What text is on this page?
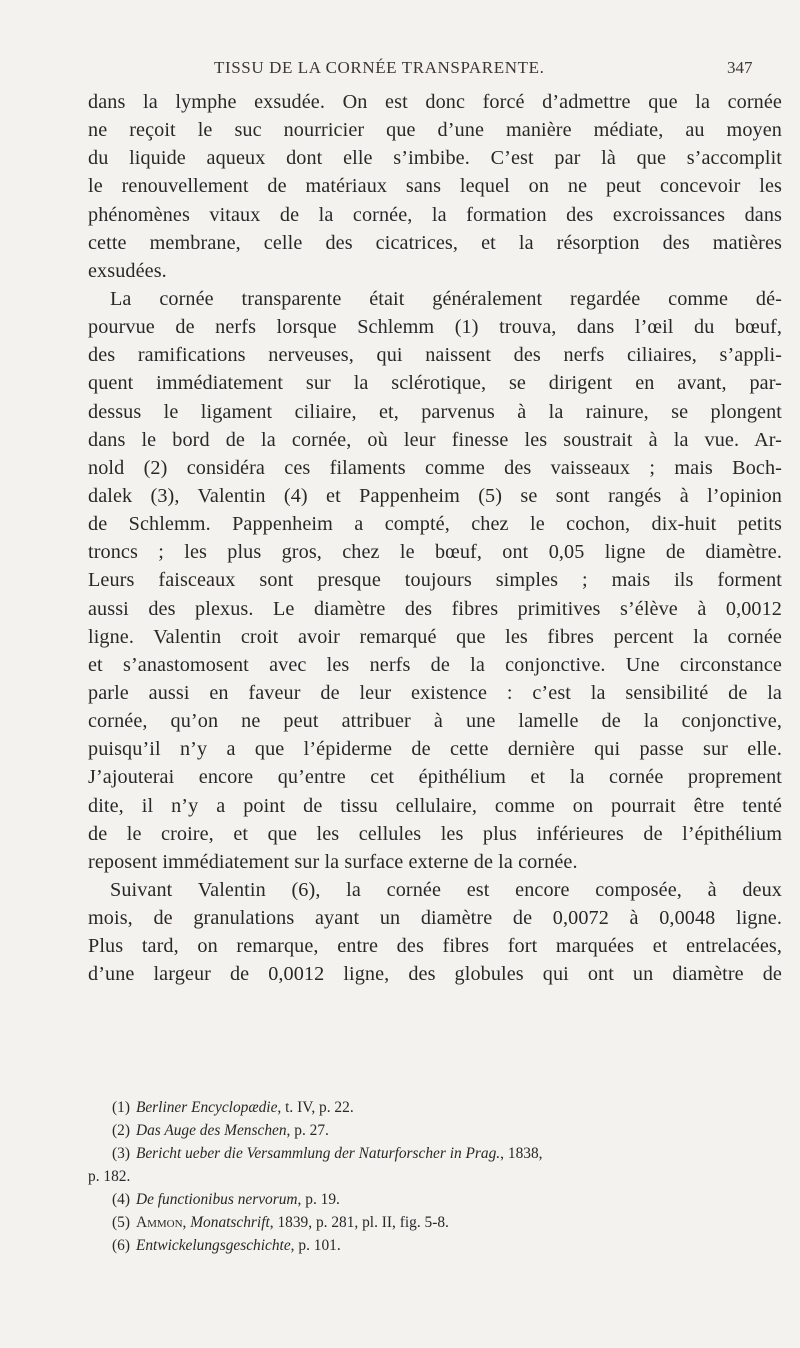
TISSU DE LA CORNÉE TRANSPARENTE.	347
dans la lymphe exsudée. On est donc forcé d’admettre que la cornée
ne reçoit le suc nourricier que d’une manière médiate, au moyen
du liquide aqueux dont elle s’imbibe. C’est par là que s’accomplit
le renouvellement de matériaux sans lequel on ne peut concevoir les
phénomènes vitaux de la cornée, la formation des excroissances dans
cette membrane, celle des cicatrices, et la résorption des matières
exsudées.
La cornée transparente était généralement regardée comme dé-
pourvue de nerfs lorsque Schlemm (1) trouva, dans l’œil du bœuf,
des ramifications nerveuses, qui naissent des nerfs ciliaires, s’appli-
quent immédiatement sur la sclérotique, se dirigent en avant, par-
dessus le ligament ciliaire, et, parvenus à la rainure, se plongent
dans le bord de la cornée, où leur finesse les soustrait à la vue. Ar-
nold (2) considéra ces filaments comme des vaisseaux ; mais Boch-
dalek (3), Valentin (4) et Pappenheim (5) se sont rangés à l’opinion
de Schlemm. Pappenheim a compté, chez le cochon, dix-huit petits
troncs ; les plus gros, chez le bœuf, ont 0,05 ligne de diamètre.
Leurs faisceaux sont presque toujours simples ; mais ils forment
aussi des plexus. Le diamètre des fibres primitives s’élève à 0,0012
ligne. Valentin croit avoir remarqué que les fibres percent la cornée
et s’anastomosent avec les nerfs de la conjonctive. Une circonstance
parle aussi en faveur de leur existence : c’est la sensibilité de la
cornée, qu’on ne peut attribuer à une lamelle de la conjonctive,
puisqu’il n’y a que l’épiderme de cette dernière qui passe sur elle.
J’ajouterai encore qu’entre cet épithélium et la cornée proprement
dite, il n’y a point de tissu cellulaire, comme on pourrait être tenté
de le croire, et que les cellules les plus inférieures de l’épithélium
reposent immédiatement sur la surface externe de la cornée.
Suivant Valentin (6), la cornée est encore composée, à deux
mois, de granulations ayant un diamètre de 0,0072 à 0,0048 ligne.
Plus tard, on remarque, entre des fibres fort marquées et entrelacées,
d’une largeur de 0,0012 ligne, des globules qui ont un diamètre de
(1) Berliner Encyclopædie, t. IV, p. 22.
(2) Das Auge des Menschen, p. 27.
(3) Bericht ueber die Versammlung der Naturforscher in Prag., 1838,
p. 182.
(4) De functionibus nervorum, p. 19.
(5) Ammon, Monatschrift, 1839, p. 281, pl. II, fig. 5-8.
(6) Entwickelungsgeschichte, p. 101.
